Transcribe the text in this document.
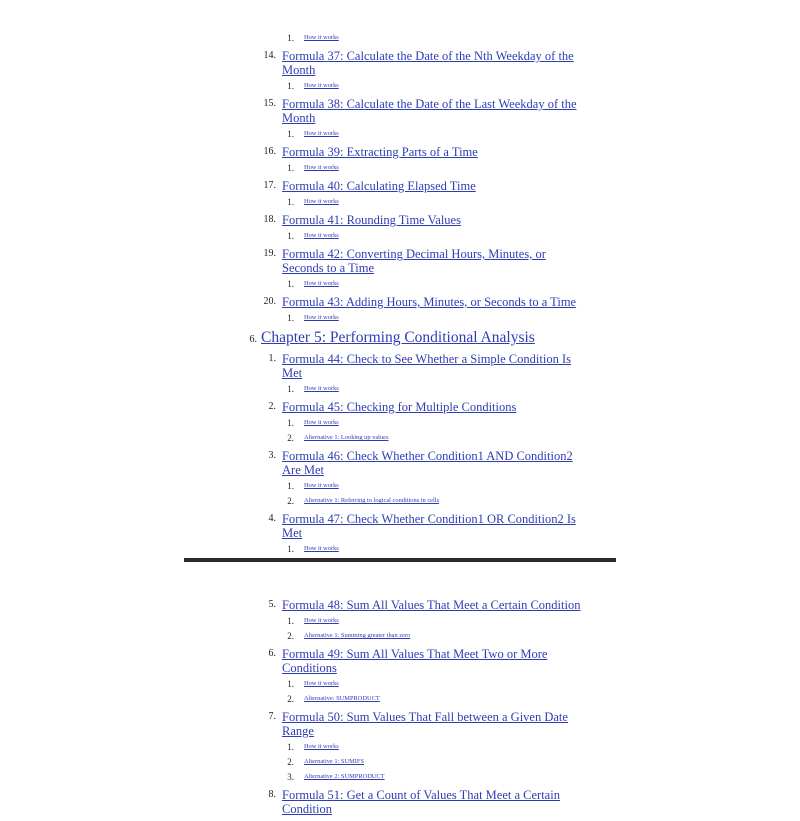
1. How it works
14. Formula 37: Calculate the Date of the Nth Weekday of the Month
1. How it works
15. Formula 38: Calculate the Date of the Last Weekday of the Month
1. How it works
16. Formula 39: Extracting Parts of a Time
1. How it works
17. Formula 40: Calculating Elapsed Time
1. How it works
18. Formula 41: Rounding Time Values
1. How it works
19. Formula 42: Converting Decimal Hours, Minutes, or Seconds to a Time
1. How it works
20. Formula 43: Adding Hours, Minutes, or Seconds to a Time
1. How it works
6. Chapter 5: Performing Conditional Analysis
1. Formula 44: Check to See Whether a Simple Condition Is Met
1. How it works
2. Formula 45: Checking for Multiple Conditions
1. How it works
2. Alternative 1: Looking up values
3. Formula 46: Check Whether Condition1 AND Condition2 Are Met
1. How it works
2. Alternative 1: Referring to logical conditions in cells
4. Formula 47: Check Whether Condition1 OR Condition2 Is Met
1. How it works
5. Formula 48: Sum All Values That Meet a Certain Condition
1. How it works
2. Alternative 1: Summing greater than zero
6. Formula 49: Sum All Values That Meet Two or More Conditions
1. How it works
2. Alternative: SUMPRODUCT
7. Formula 50: Sum Values That Fall between a Given Date Range
1. How it works
2. Alternative 1: SUMIFS
3. Alternative 2: SUMPRODUCT
8. Formula 51: Get a Count of Values That Meet a Certain Condition
